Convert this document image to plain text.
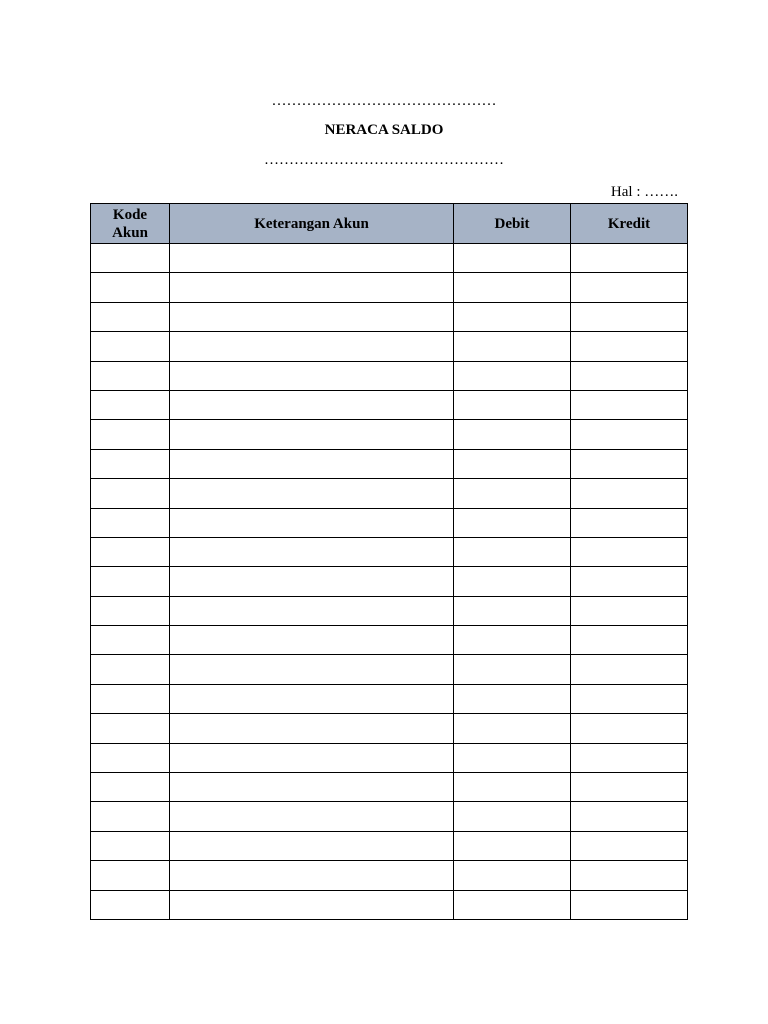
………………………………………
NERACA SALDO
…………………………………………
Hal : …….
Kode Akun	Keterangan Akun	Debit	Kredit
